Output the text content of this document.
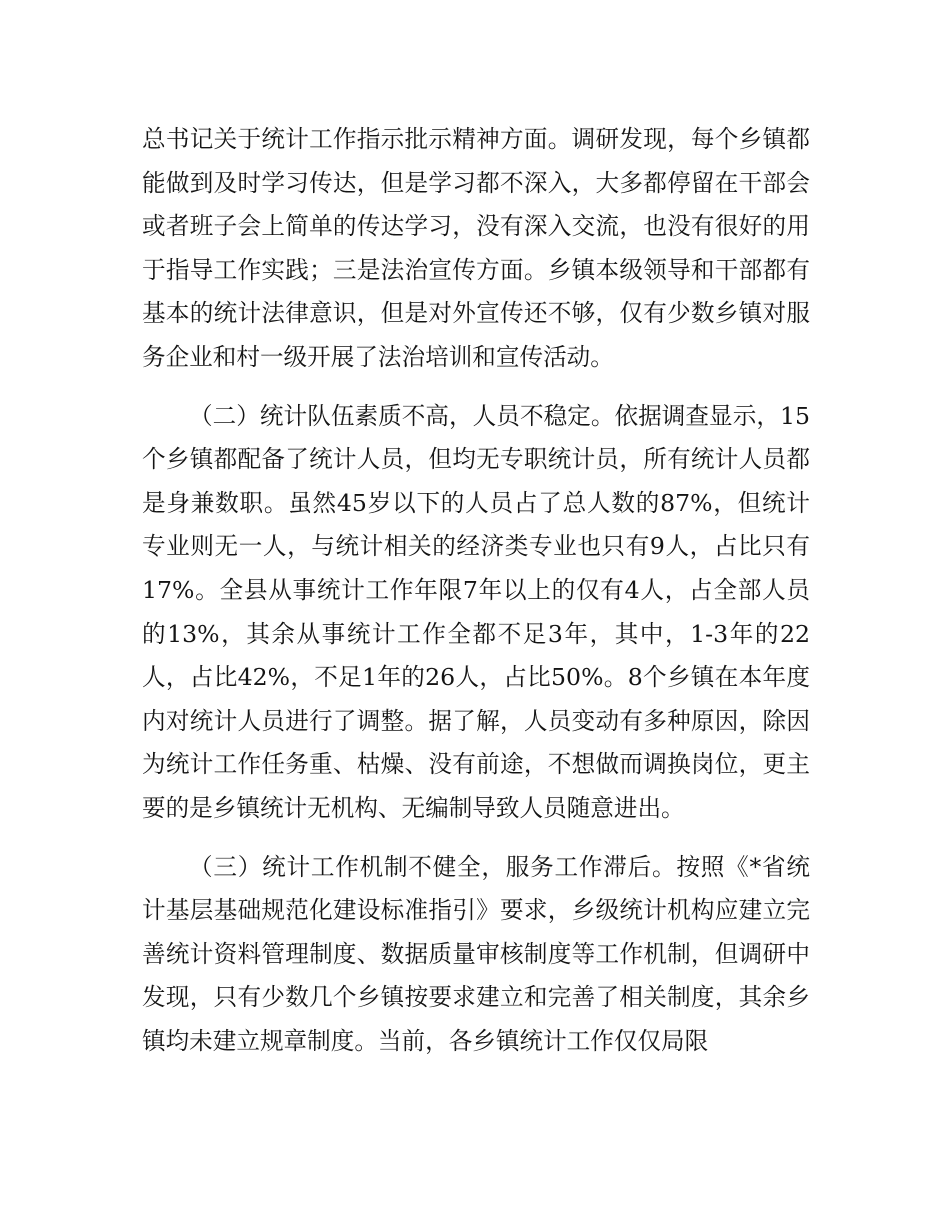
总书记关于统计工作指示批示精神方面。调研发现，每个乡镇都能做到及时学习传达，但是学习都不深入，大多都停留在干部会或者班子会上简单的传达学习，没有深入交流，也没有很好的用于指导工作实践；三是法治宣传方面。乡镇本级领导和干部都有基本的统计法律意识，但是对外宣传还不够，仅有少数乡镇对服务企业和村一级开展了法治培训和宣传活动。

（二）统计队伍素质不高，人员不稳定。依据调查显示，15个乡镇都配备了统计人员，但均无专职统计员，所有统计人员都是身兼数职。虽然45岁以下的人员占了总人数的87%，但统计专业则无一人，与统计相关的经济类专业也只有9人，占比只有17%。全县从事统计工作年限7年以上的仅有4人，占全部人员的13%，其余从事统计工作全都不足3年，其中，1-3年的22人，占比42%，不足1年的26人，占比50%。8个乡镇在本年度内对统计人员进行了调整。据了解，人员变动有多种原因，除因为统计工作任务重、枯燥、没有前途，不想做而调换岗位，更主要的是乡镇统计无机构、无编制导致人员随意进出。

（三）统计工作机制不健全，服务工作滞后。按照《*省统计基层基础规范化建设标准指引》要求，乡级统计机构应建立完善统计资料管理制度、数据质量审核制度等工作机制，但调研中发现，只有少数几个乡镇按要求建立和完善了相关制度，其余乡镇均未建立规章制度。当前，各乡镇统计工作仅仅局限
